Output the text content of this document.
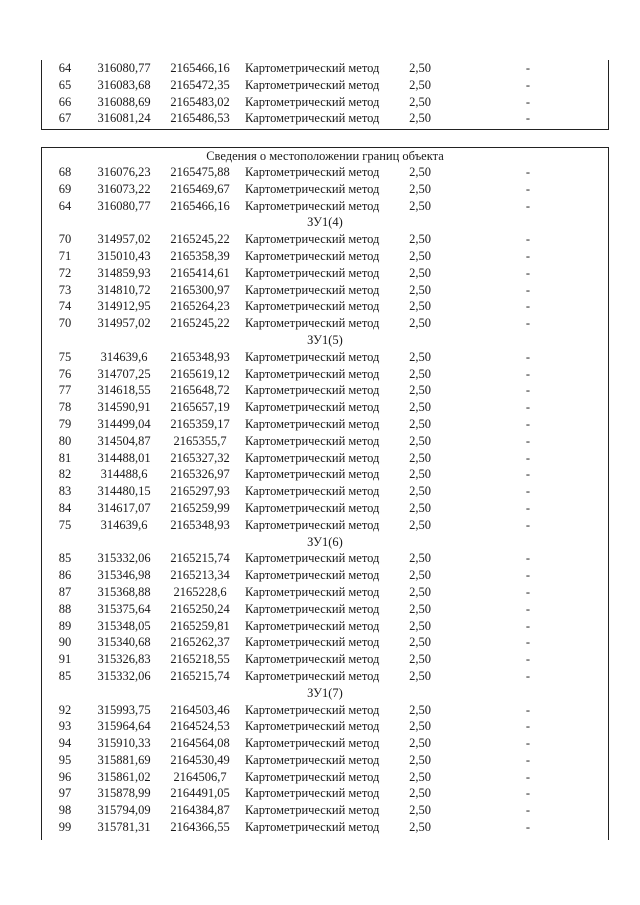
64	316080,77	2165466,16	Картометрический метод	2,50	-
65	316083,68	2165472,35	Картометрический метод	2,50	-
66	316088,69	2165483,02	Картометрический метод	2,50	-
67	316081,24	2165486,53	Картометрический метод	2,50	-
Сведения о местоположении границ объекта
68	316076,23	2165475,88	Картометрический метод	2,50	-
69	316073,22	2165469,67	Картометрический метод	2,50	-
64	316080,77	2165466,16	Картометрический метод	2,50	-
ЗУ1(4)
70	314957,02	2165245,22	Картометрический метод	2,50	-
71	315010,43	2165358,39	Картометрический метод	2,50	-
72	314859,93	2165414,61	Картометрический метод	2,50	-
73	314810,72	2165300,97	Картометрический метод	2,50	-
74	314912,95	2165264,23	Картометрический метод	2,50	-
70	314957,02	2165245,22	Картометрический метод	2,50	-
ЗУ1(5)
75	314639,6	2165348,93	Картометрический метод	2,50	-
76	314707,25	2165619,12	Картометрический метод	2,50	-
77	314618,55	2165648,72	Картометрический метод	2,50	-
78	314590,91	2165657,19	Картометрический метод	2,50	-
79	314499,04	2165359,17	Картометрический метод	2,50	-
80	314504,87	2165355,7	Картометрический метод	2,50	-
81	314488,01	2165327,32	Картометрический метод	2,50	-
82	314488,6	2165326,97	Картометрический метод	2,50	-
83	314480,15	2165297,93	Картометрический метод	2,50	-
84	314617,07	2165259,99	Картометрический метод	2,50	-
75	314639,6	2165348,93	Картометрический метод	2,50	-
ЗУ1(6)
85	315332,06	2165215,74	Картометрический метод	2,50	-
86	315346,98	2165213,34	Картометрический метод	2,50	-
87	315368,88	2165228,6	Картометрический метод	2,50	-
88	315375,64	2165250,24	Картометрический метод	2,50	-
89	315348,05	2165259,81	Картометрический метод	2,50	-
90	315340,68	2165262,37	Картометрический метод	2,50	-
91	315326,83	2165218,55	Картометрический метод	2,50	-
85	315332,06	2165215,74	Картометрический метод	2,50	-
ЗУ1(7)
92	315993,75	2164503,46	Картометрический метод	2,50	-
93	315964,64	2164524,53	Картометрический метод	2,50	-
94	315910,33	2164564,08	Картометрический метод	2,50	-
95	315881,69	2164530,49	Картометрический метод	2,50	-
96	315861,02	2164506,7	Картометрический метод	2,50	-
97	315878,99	2164491,05	Картометрический метод	2,50	-
98	315794,09	2164384,87	Картометрический метод	2,50	-
99	315781,31	2164366,55	Картометрический метод	2,50	-
